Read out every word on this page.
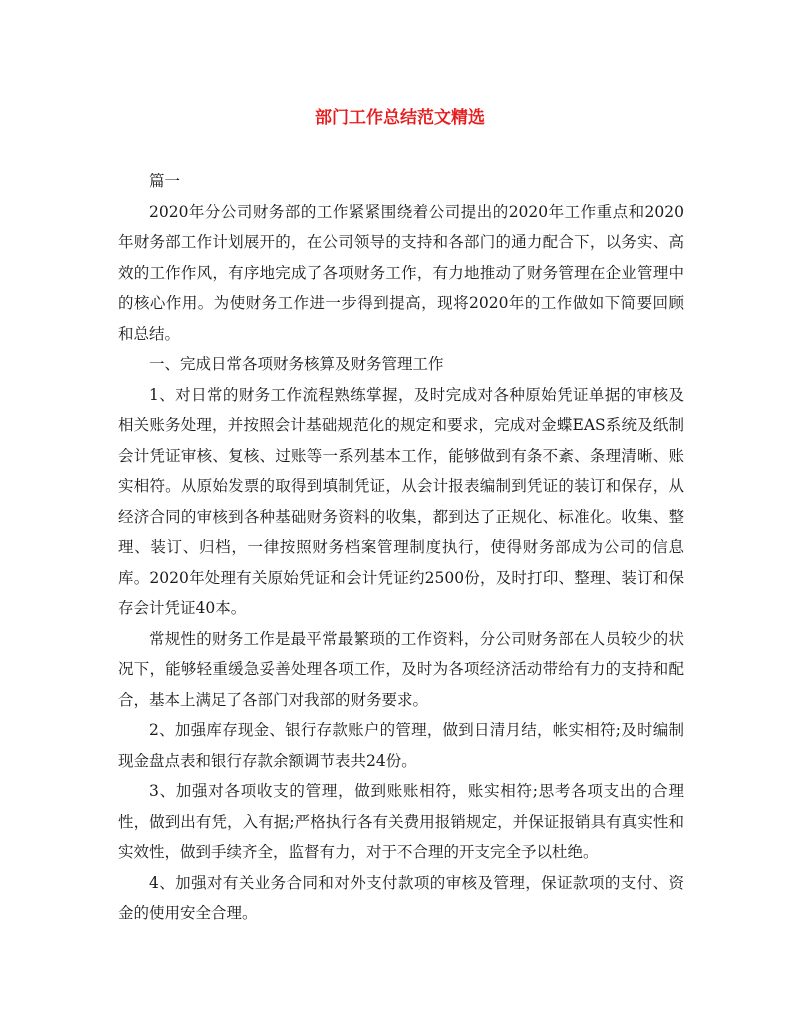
部门工作总结范文精选

篇一

2020年分公司财务部的工作紧紧围绕着公司提出的2020年工作重点和2020年财务部工作计划展开的，在公司领导的支持和各部门的通力配合下，以务实、高效的工作作风，有序地完成了各项财务工作，有力地推动了财务管理在企业管理中的核心作用。为使财务工作进一步得到提高，现将2020年的工作做如下简要回顾和总结。

一、完成日常各项财务核算及财务管理工作

1、对日常的财务工作流程熟练掌握，及时完成对各种原始凭证单据的审核及相关账务处理，并按照会计基础规范化的规定和要求，完成对金蝶EAS系统及纸制会计凭证审核、复核、过账等一系列基本工作，能够做到有条不紊、条理清晰、账实相符。从原始发票的取得到填制凭证，从会计报表编制到凭证的装订和保存，从经济合同的审核到各种基础财务资料的收集，都到达了正规化、标准化。收集、整理、装订、归档，一律按照财务档案管理制度执行，使得财务部成为公司的信息库。2020年处理有关原始凭证和会计凭证约2500份，及时打印、整理、装订和保存会计凭证40本。

常规性的财务工作是最平常最繁琐的工作资料，分公司财务部在人员较少的状况下，能够轻重缓急妥善处理各项工作，及时为各项经济活动带给有力的支持和配合，基本上满足了各部门对我部的财务要求。

2、加强库存现金、银行存款账户的管理，做到日清月结，帐实相符;及时编制现金盘点表和银行存款余额调节表共24份。

3、加强对各项收支的管理，做到账账相符，账实相符;思考各项支出的合理性，做到出有凭，入有据;严格执行各有关费用报销规定，并保证报销具有真实性和实效性，做到手续齐全，监督有力，对于不合理的开支完全予以杜绝。

4、加强对有关业务合同和对外支付款项的审核及管理，保证款项的支付、资金的使用安全合理。
